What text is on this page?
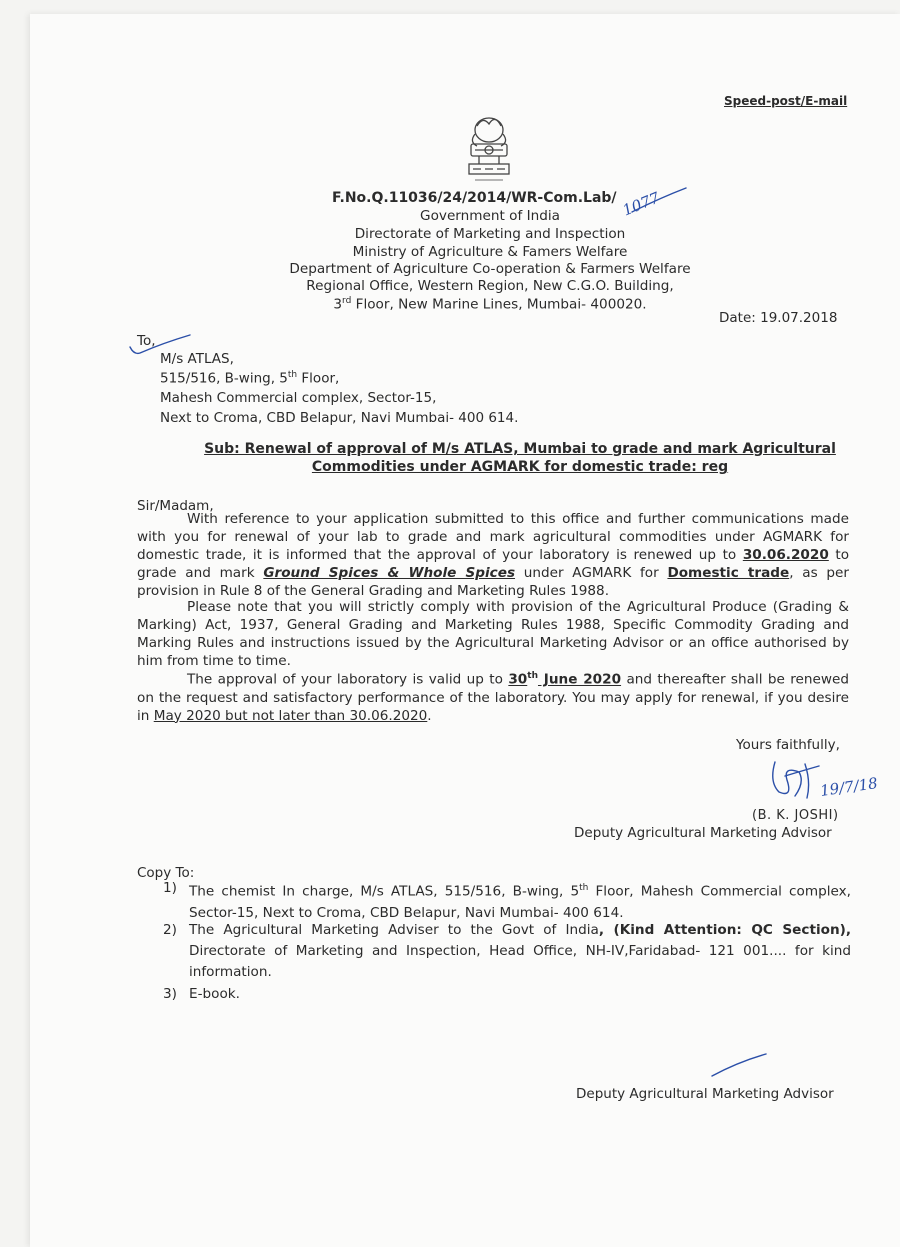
Speed-post/E-mail
F.No.Q.11036/24/2014/WR-Com.Lab/ 1077
Government of India
Directorate of Marketing and Inspection
Ministry of Agriculture & Famers Welfare
Department of Agriculture Co-operation & Farmers Welfare
Regional Office, Western Region, New C.G.O. Building,
3rd Floor, New Marine Lines, Mumbai- 400020.
Date: 19.07.2018
To,
M/s ATLAS,
515/516, B-wing, 5th Floor,
Mahesh Commercial complex, Sector-15,
Next to Croma, CBD Belapur, Navi Mumbai- 400 614.
Sub: Renewal of approval of M/s ATLAS, Mumbai to grade and mark Agricultural
Commodities under AGMARK for domestic trade: reg
Sir/Madam,
With reference to your application submitted to this office and further communications made with you for renewal of your lab to grade and mark agricultural commodities under AGMARK for domestic trade, it is informed that the approval of your laboratory is renewed up to 30.06.2020 to grade and mark Ground Spices & Whole Spices under AGMARK for Domestic trade, as per provision in Rule 8 of the General Grading and Marketing Rules 1988.
Please note that you will strictly comply with provision of the Agricultural Produce (Grading & Marking) Act, 1937, General Grading and Marketing Rules 1988, Specific Commodity Grading and Marking Rules and instructions issued by the Agricultural Marketing Advisor or an office authorised by him from time to time.
The approval of your laboratory is valid up to 30th June 2020 and thereafter shall be renewed on the request and satisfactory performance of the laboratory. You may apply for renewal, if you desire in May 2020 but not later than 30.06.2020.
Yours faithfully,
19/7/18
(B. K. JOSHI)
Deputy Agricultural Marketing Advisor
Copy To:
1) The chemist In charge, M/s ATLAS, 515/516, B-wing, 5th Floor, Mahesh Commercial complex, Sector-15, Next to Croma, CBD Belapur, Navi Mumbai- 400 614.
2) The Agricultural Marketing Adviser to the Govt of India, (Kind Attention: QC Section), Directorate of Marketing and Inspection, Head Office, NH-IV,Faridabad- 121 001.... for kind information.
3) E-book.
Deputy Agricultural Marketing Advisor
